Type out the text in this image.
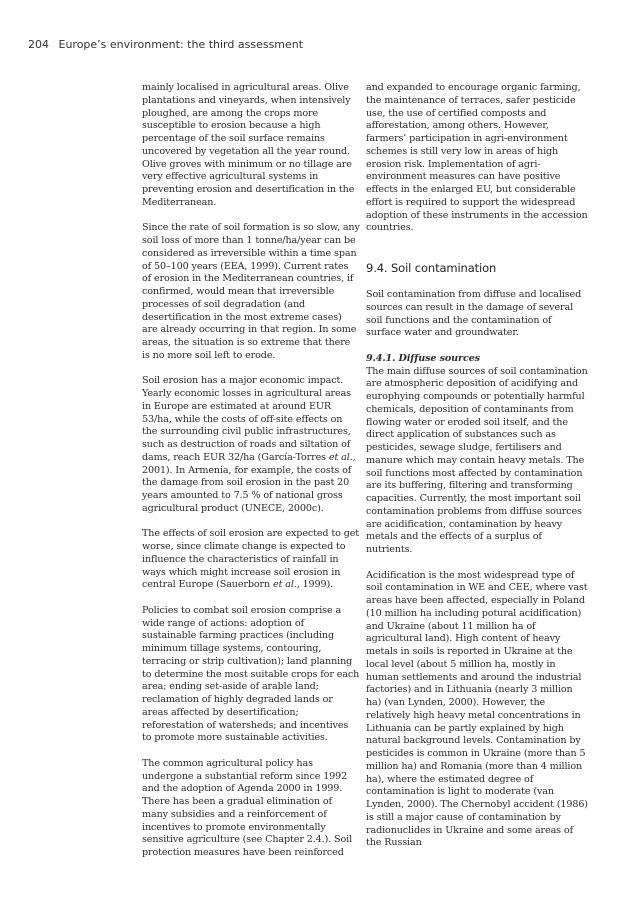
204 Europe’s environment: the third assessment

mainly localised in agricultural areas. Olive plantations and vineyards, when intensively ploughed, are among the crops more susceptible to erosion because a high percentage of the soil surface remains uncovered by vegetation all the year round. Olive groves with minimum or no tillage are very effective agricultural systems in preventing erosion and desertification in the Mediterranean.

Since the rate of soil formation is so slow, any soil loss of more than 1 tonne/ha/year can be considered as irreversible within a time span of 50–100 years (EEA, 1999). Current rates of erosion in the Mediterranean countries, if confirmed, would mean that irreversible processes of soil degradation (and desertification in the most extreme cases) are already occurring in that region. In some areas, the situation is so extreme that there is no more soil left to erode.

Soil erosion has a major economic impact. Yearly economic losses in agricultural areas in Europe are estimated at around EUR 53/ha, while the costs of off-site effects on the surrounding civil public infrastructures, such as destruction of roads and siltation of dams, reach EUR 32/ha (García-Torres et al., 2001). In Armenia, for example, the costs of the damage from soil erosion in the past 20 years amounted to 7.5 % of national gross agricultural product (UNECE, 2000c).

The effects of soil erosion are expected to get worse, since climate change is expected to influence the characteristics of rainfall in ways which might increase soil erosion in central Europe (Sauerborn et al., 1999).

Policies to combat soil erosion comprise a wide range of actions: adoption of sustainable farming practices (including minimum tillage systems, contouring, terracing or strip cultivation); land planning to determine the most suitable crops for each area; ending set-aside of arable land; reclamation of highly degraded lands or areas affected by desertification; reforestation of watersheds; and incentives to promote more sustainable activities.

The common agricultural policy has undergone a substantial reform since 1992 and the adoption of Agenda 2000 in 1999. There has been a gradual elimination of many subsidies and a reinforcement of incentives to promote environmentally sensitive agriculture (see Chapter 2.4.). Soil protection measures have been reinforced

and expanded to encourage organic farming, the maintenance of terraces, safer pesticide use, the use of certified composts and afforestation, among others. However, farmers’ participation in agri-environment schemes is still very low in areas of high erosion risk. Implementation of agri-environment measures can have positive effects in the enlarged EU, but considerable effort is required to support the widespread adoption of these instruments in the accession countries.

9.4. Soil contamination

Soil contamination from diffuse and localised sources can result in the damage of several soil functions and the contamination of surface water and groundwater.

9.4.1. Diffuse sources

The main diffuse sources of soil contamination are atmospheric deposition of acidifying and europhying compounds or potentially harmful chemicals, deposition of contaminants from flowing water or eroded soil itself, and the direct application of substances such as pesticides, sewage sludge, fertilisers and manure which may contain heavy metals. The soil functions most affected by contamination are its buffering, filtering and transforming capacities. Currently, the most important soil contamination problems from diffuse sources are acidification, contamination by heavy metals and the effects of a surplus of nutrients.

Acidification is the most widespread type of soil contamination in WE and CEE, where vast areas have been affected, especially in Poland (10 million ha including potural acidification) and Ukraine (about 11 million ha of agricultural land). High content of heavy metals in soils is reported in Ukraine at the local level (about 5 million ha, mostly in human settlements and around the industrial factories) and in Lithuania (nearly 3 million ha) (van Lynden, 2000). However, the relatively high heavy metal concentrations in Lithuania can be partly explained by high natural background levels. Contamination by pesticides is common in Ukraine (more than 5 million ha) and Romania (more than 4 million ha), where the estimated degree of contamination is light to moderate (van Lynden, 2000). The Chernobyl accident (1986) is still a major cause of contamination by radionuclides in Ukraine and some areas of the Russian
